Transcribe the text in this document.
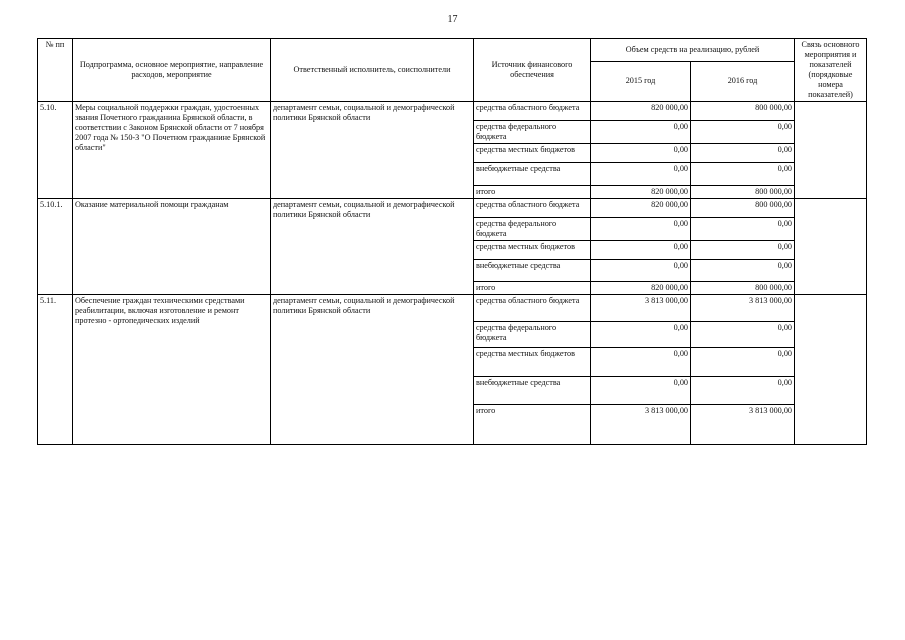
17
№ пп	Подпрограмма, основное мероприятие, направление расходов, мероприятие	Ответственный исполнитель, соисполнители	Источник финансового обеспечения	Объем средств на реализацию, рублей		Связь основного мероприятия и показателей (порядковые номера показателей)
				2015 год	2016 год	
5.10.	Меры социальной поддержки граждан, удостоенных звания Почетного гражданина Брянской области, в соответствии с Законом Брянской области от 7 ноября 2007 года № 150-З "О Почетном гражданине Брянской области"	департамент семьи, социальной и демографической политики Брянской области	средства областного бюджета	820 000,00	800 000,00	
			средства федерального бюджета	0,00	0,00	
			средства местных бюджетов	0,00	0,00	
			внебюджетные средства	0,00	0,00	
			итого	820 000,00	800 000,00	
5.10.1.	Оказание материальной помощи гражданам	департамент семьи, социальной и демографической политики Брянской области	средства областного бюджета	820 000,00	800 000,00	
			средства федерального бюджета	0,00	0,00	
			средства местных бюджетов	0,00	0,00	
			внебюджетные средства	0,00	0,00	
			итого	820 000,00	800 000,00	
5.11.	Обеспечение граждан техническими средствами реабилитации, включая изготовление и ремонт протезно - ортопедических изделий	департамент семьи, социальной и демографической политики Брянской области	средства областного бюджета	3 813 000,00	3 813 000,00	
			средства федерального бюджета	0,00	0,00	
			средства местных бюджетов	0,00	0,00	
			внебюджетные средства	0,00	0,00	
			итого	3 813 000,00	3 813 000,00	
